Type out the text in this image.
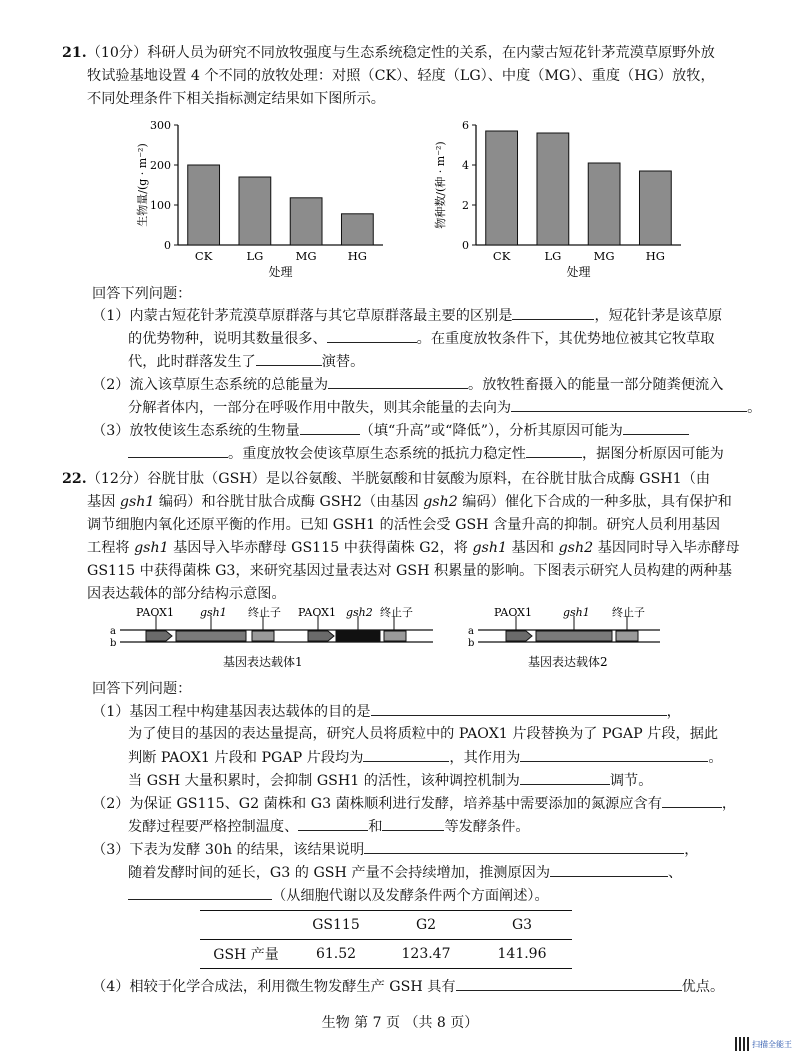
21.（10分）科研人员为研究不同放牧强度与生态系统稳定性的关系，在内蒙古短花针茅荒漠草原野外放
牧试验基地设置 4 个不同的放牧处理：对照（CK）、轻度（LG）、中度（MG）、重度（HG）放牧，
不同处理条件下相关指标测定结果如下图所示。
0
100
200
300
CK	LG	MG	HG
处理
生物量/(g · m⁻²)
0
2
4
6
CK	LG	MG	HG
处理
物种数/(种 · m⁻²)
回答下列问题：
（1）内蒙古短花针茅荒漠草原群落与其它草原群落最主要的区别是	，短花针茅是该草原
的优势物种，说明其数量很多、	。在重度放牧条件下，其优势地位被其它牧草取
代，此时群落发生了	演替。
（2）流入该草原生态系统的总能量为	。放牧牲畜摄入的能量一部分随粪便流入
分解者体内，一部分在呼吸作用中散失，则其余能量的去向为	。
（3）放牧使该生态系统的生物量	（填“升高”或“降低”），分析其原因可能为
。重度放牧会使该草原生态系统的抵抗力稳定性	，据图分析原因可能为
22.（12分）谷胱甘肽（GSH）是以谷氨酸、半胱氨酸和甘氨酸为原料，在谷胱甘肽合成酶 GSH1（由
基因 gsh1 编码）和谷胱甘肽合成酶 GSH2（由基因 gsh2 编码）催化下合成的一种多肽，具有保护和
调节细胞内氧化还原平衡的作用。已知 GSH1 的活性会受 GSH 含量升高的抑制。研究人员利用基因
工程将 gsh1 基因导入毕赤酵母 GS115 中获得菌株 G2，将 gsh1 基因和 gsh2 基因同时导入毕赤酵母
GS115 中获得菌株 G3，来研究基因过量表达对 GSH 积累量的影响。下图表示研究人员构建的两种基
因表达载体的部分结构示意图。
a
b
PAOX1 gsh1 终止子 PAOX1 gsh2 终止子
基因表达载体1
a
b
PAOX1	gsh1 终止子
基因表达载体2
回答下列问题：
（1）基因工程中构建基因表达载体的目的是	，
为了使目的基因的表达量提高，研究人员将质粒中的 PAOX1 片段替换为了 PGAP 片段，据此
判断 PAOX1 片段和 PGAP 片段均为	，其作用为	。
当 GSH 大量积累时，会抑制 GSH1 的活性，该种调控机制为	调节。
（2）为保证 GS115、G2 菌株和 G3 菌株顺利进行发酵，培养基中需要添加的氮源应含有	，
发酵过程要严格控制温度、	和	等发酵条件。
（3）下表为发酵 30h 的结果，该结果说明	，
随着发酵时间的延长，G3 的 GSH 产量不会持续增加，推测原因为	、
（从细胞代谢以及发酵条件两个方面阐述）。
	GS115	G2	G3
GSH 产量	61.52	123.47	141.96
（4）相较于化学合成法，利用微生物发酵生产 GSH 具有	优点。
生物 第 7 页 （共 8 页）
扫描全能王
